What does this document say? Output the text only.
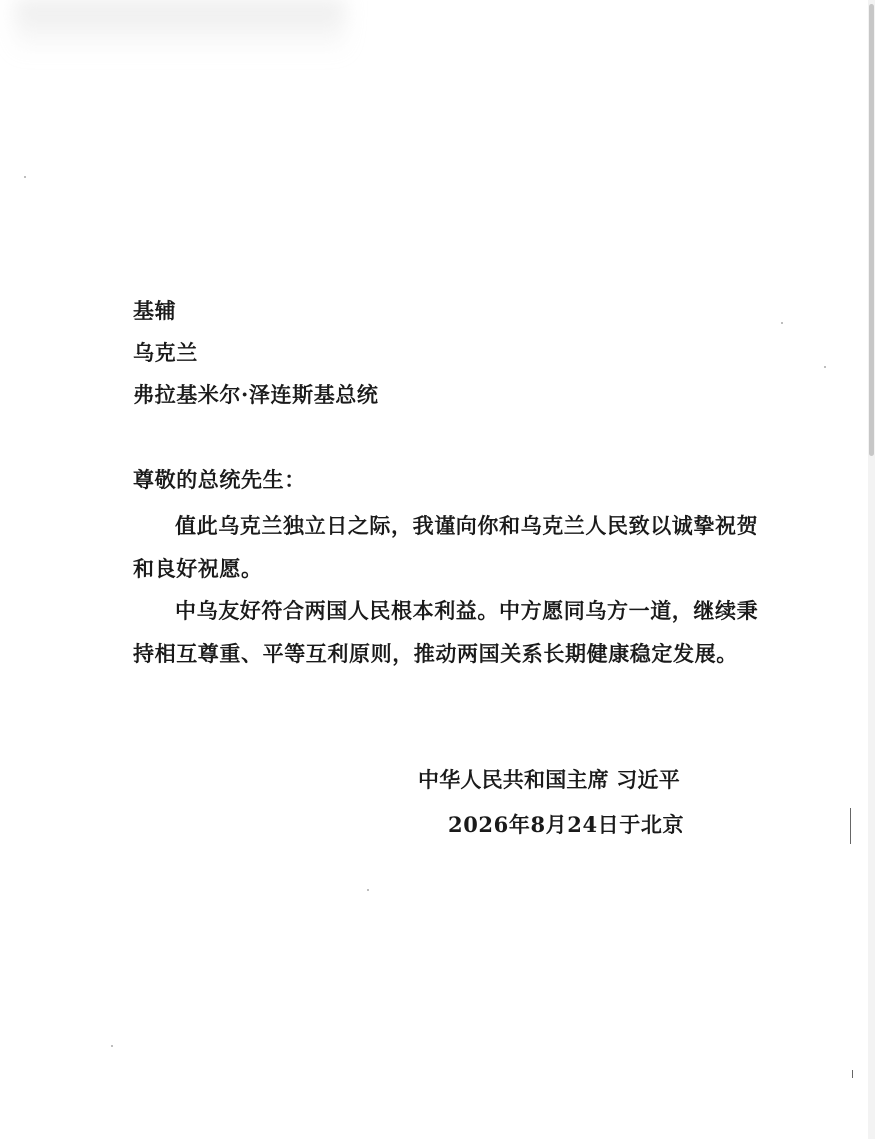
基辅
乌克兰
弗拉基米尔·泽连斯基总统
尊敬的总统先生：
值此乌克兰独立日之际，我谨向你和乌克兰人民致以诚挚祝贺和良好祝愿。
中乌友好符合两国人民根本利益。中方愿同乌方一道，继续秉持相互尊重、平等互利原则，推动两国关系长期健康稳定发展。
中华人民共和国主席 习近平
2026年8月24日于北京
